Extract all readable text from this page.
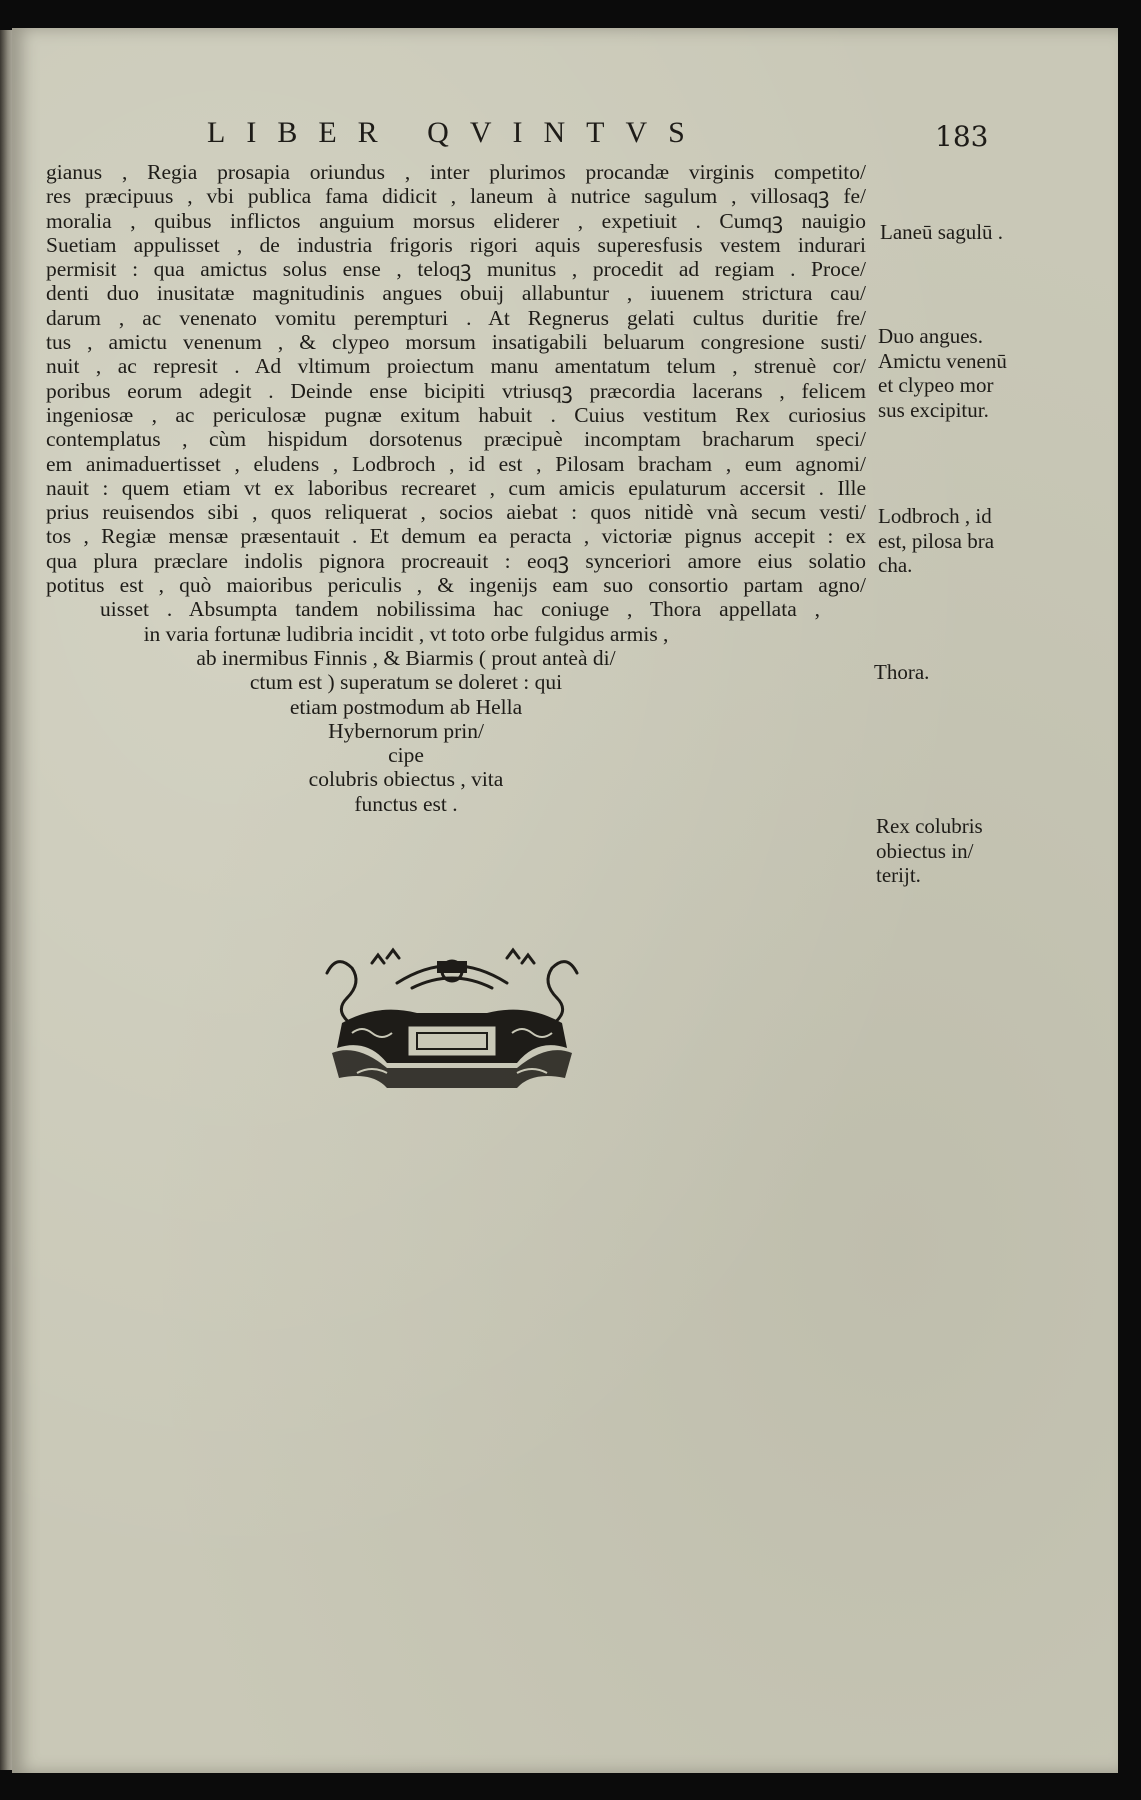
LIBER QVINTVS	183
gianus , Regia prosapia oriundus , inter plurimos procandæ virginis competito/
res præcipuus , vbi publica fama didicit , laneum à nutrice sagulum , villosaqꝫ fe/
moralia , quibus inflictos anguium morsus eliderer , expetiuit . Cumqꝫ nauigio
Suetiam appulisset , de industria frigoris rigori aquis superesfusis vestem indurari
permisit : qua amictus solus ense , teloqꝫ munitus , procedit ad regiam . Proce/
denti duo inusitatæ magnitudinis angues obuij allabuntur , iuuenem strictura cau/
darum , ac venenato vomitu perempturi . At Regnerus gelati cultus duritie fre/
tus , amictu venenum , & clypeo morsum insatigabili beluarum congresione susti/
nuit , ac represit . Ad vltimum proiectum manu amentatum telum , strenuè cor/
poribus eorum adegit . Deinde ense bicipiti vtriusqꝫ præcordia lacerans , felicem
ingeniosæ , ac periculosæ pugnæ exitum habuit . Cuius vestitum Rex curiosius
contemplatus , cùm hispidum dorsotenus præcipuè incomptam bracharum speci/
em animaduertisset , eludens , Lodbroch , id est , Pilosam bracham , eum agnomi/
nauit : quem etiam vt ex laboribus recrearet , cum amicis epulaturum accersit . Ille
prius reuisendos sibi , quos reliquerat , socios aiebat : quos nitidè vnà secum vesti/
tos , Regiæ mensæ præsentauit . Et demum ea peracta , victoriæ pignus accepit : ex
qua plura præclare indolis pignora procreauit : eoqꝫ synceriori amore eius solatio
potitus est , quò maioribus periculis , & ingenijs eam suo consortio partam agno/
uisset . Absumpta tandem nobilissima hac coniuge , Thora appellata ,
in varia fortunæ ludibria incidit , vt toto orbe fulgidus armis ,
ab inermibus Finnis , & Biarmis ( prout anteà di/
ctum est ) superatum se doleret : qui
etiam postmodum ab Hella
Hybernorum prin/
cipe
colubris obiectus , vita
functus est .
Laneū sagulū .
Duo angues.
Amictu venenū
et clypeo mor
sus excipitur.
Lodbroch , id
est, pilosa bra
cha.
Thora.
Rex colubris
obiectus in/
terijt.
